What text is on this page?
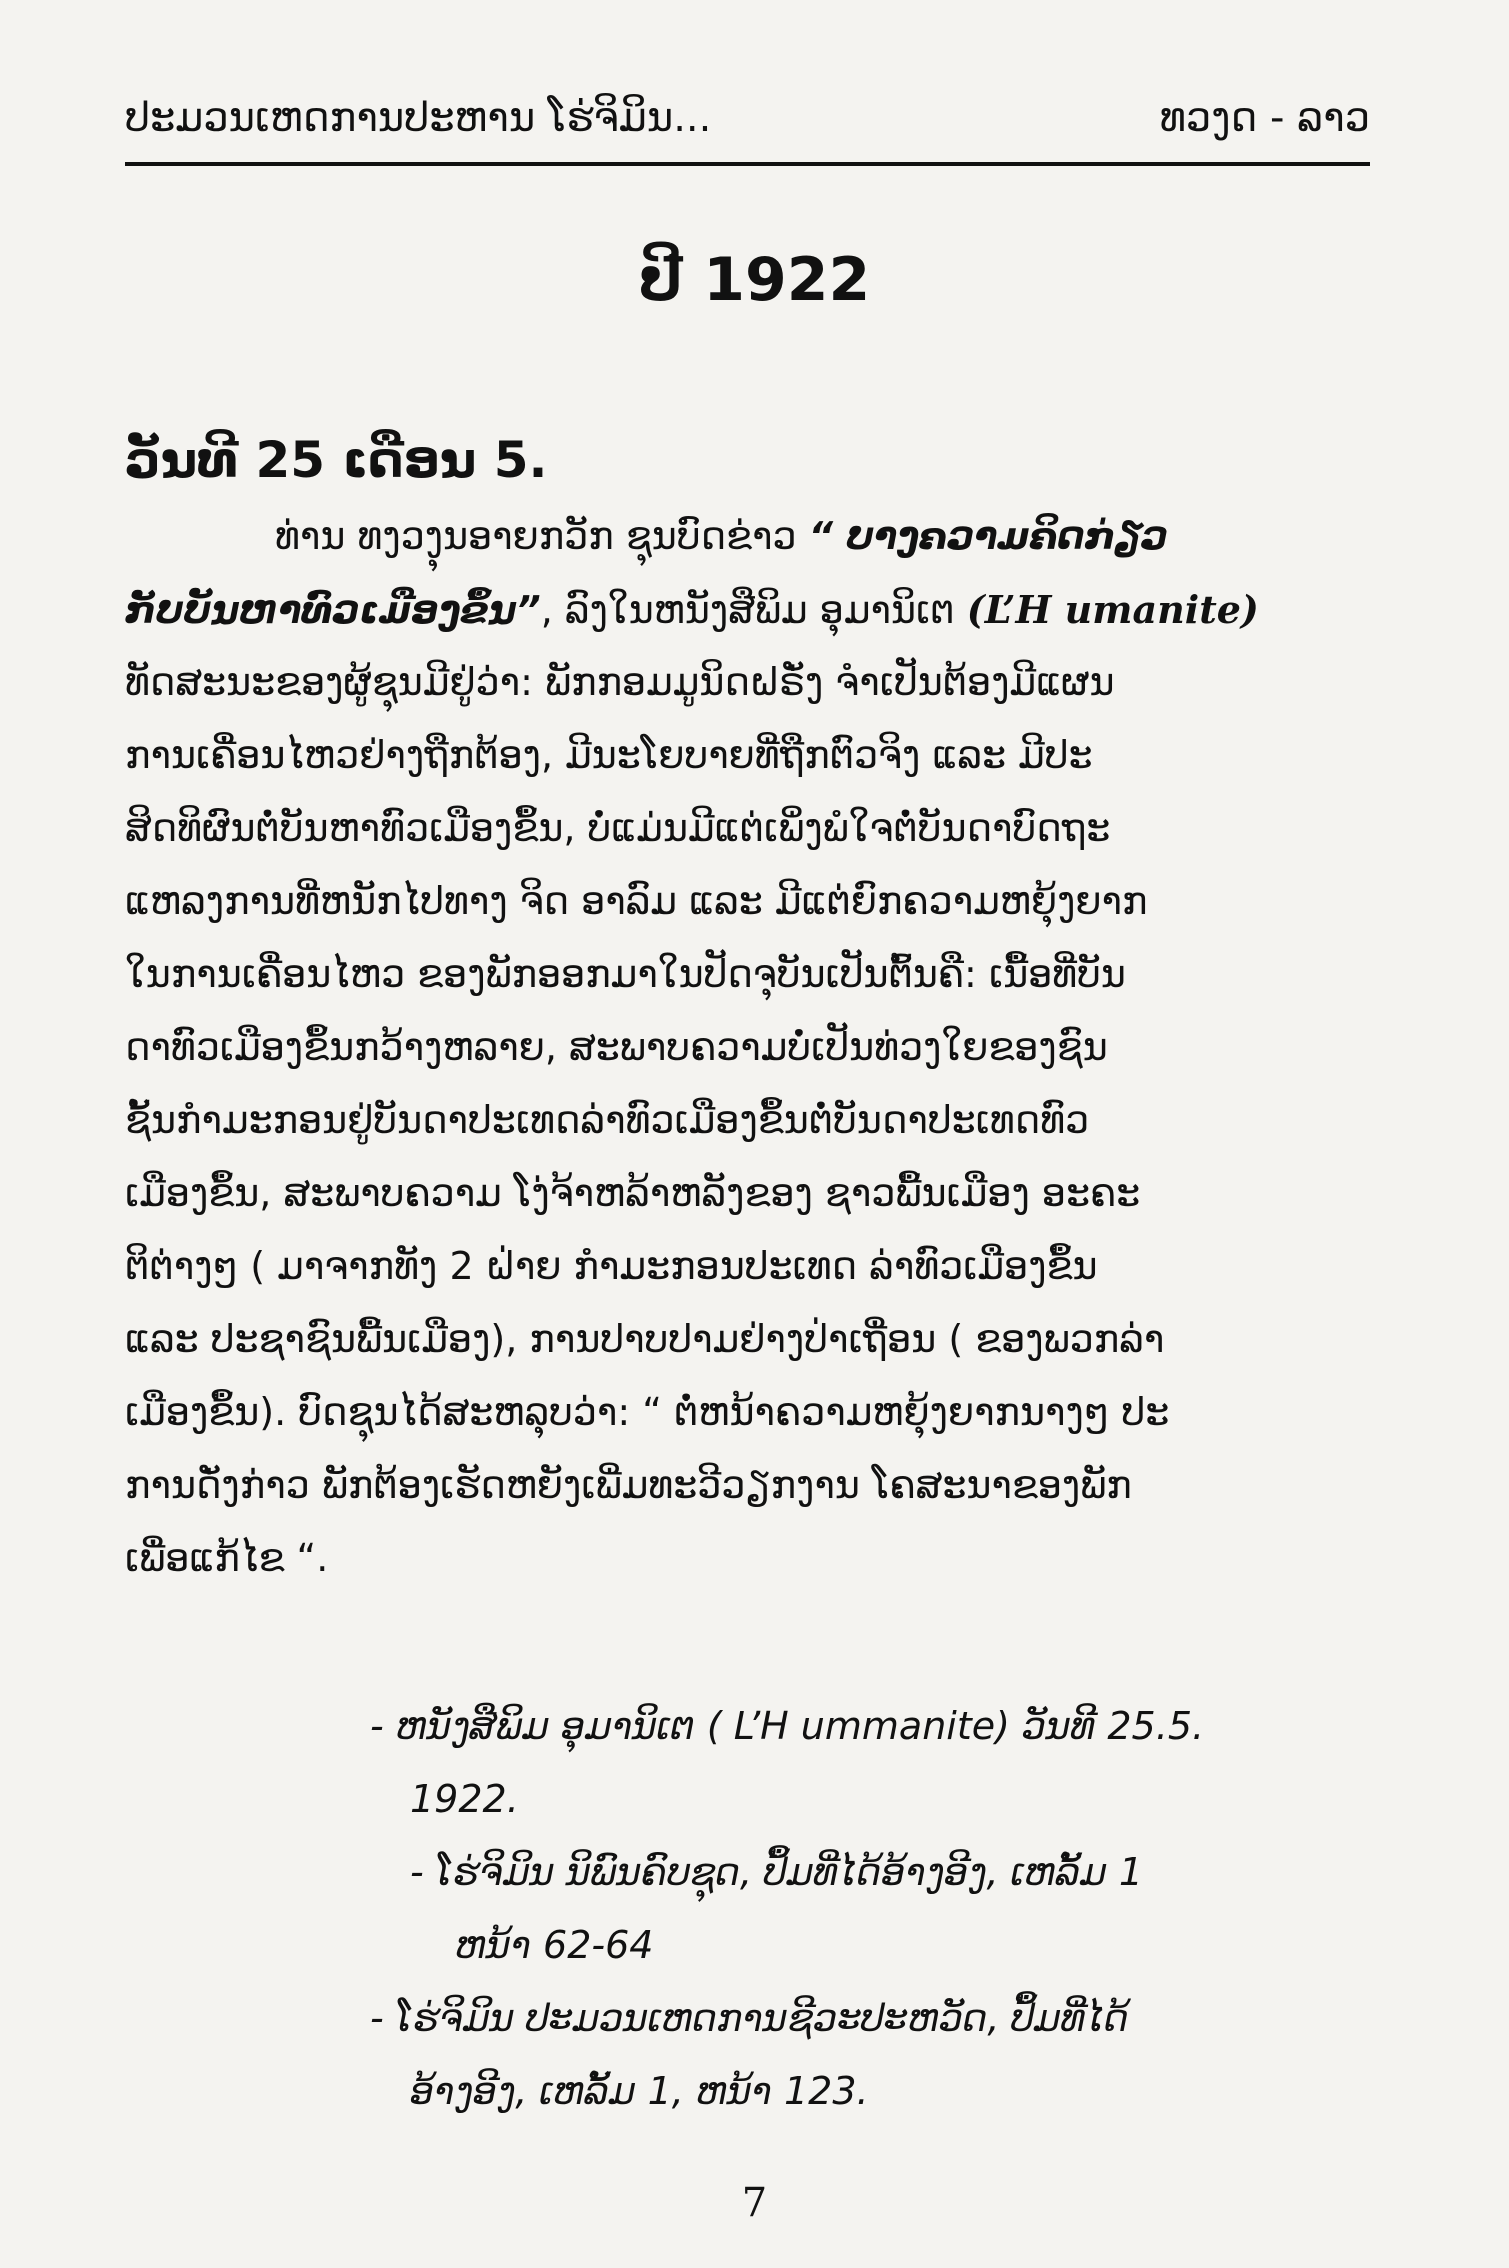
ປະມວນເຫດການປະຫານ ໂຮ່ຈິມິນ...	ທວງດ - ລາວ
ປີ 1922
ວັນທີ 25 ເດືອນ 5.
ທ່ານ ທງວງຸນອາຍກວັກ ຊຸນບົດຂ່າວ “ ບາງຄວາມຄິດກ່ຽວ
ກັບບັນຫາທົວເມືອງຂຶ້ນ”, ລົງໃນຫນັງສືພິມ ອຸມານິເຕ (L’H umanite)
ທັດສະນະຂອງຜູ້ຊຸນມີຢູ່ວ່າ: ພັກກອມມູນິດຝຣັ່ງ ຈຳເປັນຕ້ອງມີແຜນ
ການເຄື່ອນໄຫວຢ່າງຖືກຕ້ອງ, ມີນະໂຍບາຍທີ່ຖືກຕົວຈິງ ແລະ ມີປະ
ສິດທິຜົນຕໍ່ບັນຫາທົວເມືອງຂຶ້ນ, ບໍ່ແມ່ນມີແຕ່ເພິ່ງພໍໃຈຕໍ່ບັນດາບົດຖະ
ແຫລງການທີ່ຫນັກໄປທາງ ຈິດ ອາລົມ ແລະ ມີແຕ່ຍົກຄວາມຫຍຸ້ງຍາກ
ໃນການເຄື່ອນໄຫວ ຂອງພັກອອກມາໃນປັດຈຸບັນເປັນຕົ້ນຄື: ເນື້ອທີ່ບັນ
ດາທົວເມືອງຂຶ້ນກວ້າງຫລາຍ, ສະພາບຄວາມບໍ່ເປັນທ່ວງໃຍຂອງຊົນ
ຊັ້ນກຳມະກອນຢູ່ບັນດາປະເທດລ່າທົວເມືອງຂຶ້ນຕໍ່ບັນດາປະເທດທົວ
ເມືອງຂຶ້ນ, ສະພາບຄວາມ ໂງ່ຈ້າຫລ້າຫລັງຂອງ ຊາວພື້ນເມືອງ ອະຄະ
ຕິຕ່າງໆ ( ມາຈາກທັງ 2 ຝ່າຍ ກຳມະກອນປະເທດ ລ່າທົວເມືອງຂຶ້ນ
ແລະ ປະຊາຊົນພື້ນເມືອງ), ການປາບປາມຢ່າງປ່າເຖື່ອນ ( ຂອງພວກລ່າ
ເມືອງຂຶ້ນ). ບົດຊຸນໄດ້ສະຫລຸບວ່າ: “ ຕໍ່ຫນ້າຄວາມຫຍຸ້ງຍາກນາງໆ ປະ
ການດັ່ງກ່າວ ພັກຕ້ອງເຮັດຫຍັງເພີ່ມທະວີວຽກງານ ໂຄສະນາຂອງພັກ
ເພື່ອແກ້ໄຂ “.
- ຫນັງສືພິມ ອຸມານິເຕ ( L’H ummanite) ວັນທີ 25.5.
1922.
- ໂຮ່ຈິມິນ ນິພົນຄົບຊຸດ, ປຶ້ມທີ່ໄດ້ອ້າງອີງ, ເຫລັ້ມ 1
ຫນ້າ 62-64
- ໂຮ່ຈິມິນ ປະມວນເຫດການຊີວະປະຫວັດ, ປຶ້ມທີ່ໄດ້
ອ້າງອີງ, ເຫລັ້ມ 1, ຫນ້າ 123.
7
